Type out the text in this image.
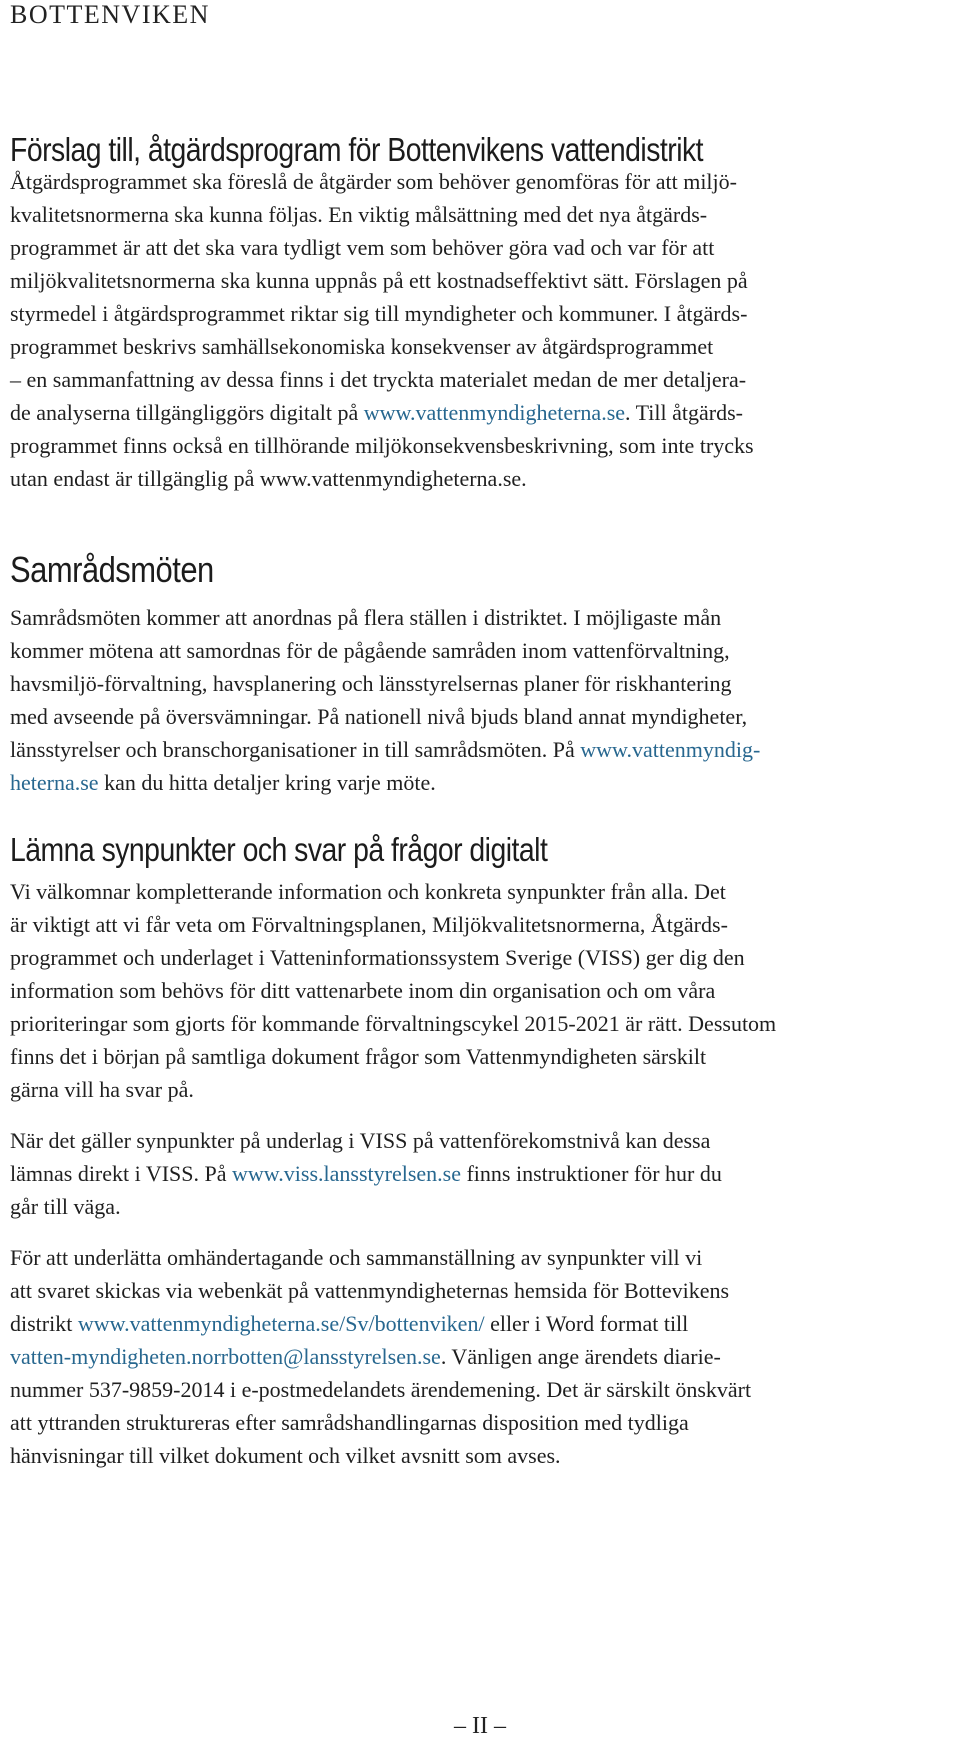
BOTTENVIKEN
Förslag till, åtgärdsprogram för Bottenvikens vattendistrikt
Åtgärdsprogrammet ska föreslå de åtgärder som behöver genomföras för att miljö-
kvalitetsnormerna ska kunna följas. En viktig målsättning med det nya åtgärds-
programmet är att det ska vara tydligt vem som behöver göra vad och var för att
miljökvalitetsnormerna ska kunna uppnås på ett kostnadseffektivt sätt. Förslagen på
styrmedel i åtgärdsprogrammet riktar sig till myndigheter och kommuner. I åtgärds-
programmet beskrivs samhällsekonomiska konsekvenser av åtgärdsprogrammet
– en sammanfattning av dessa finns i det tryckta materialet medan de mer detaljera-
de analyserna tillgängliggörs digitalt på www.vattenmyndigheterna.se. Till åtgärds-
programmet finns också en tillhörande miljökonsekvensbeskrivning, som inte trycks
utan endast är tillgänglig på www.vattenmyndigheterna.se.
Samrådsmöten
Samrådsmöten kommer att anordnas på flera ställen i distriktet. I möjligaste mån
kommer mötena att samordnas för de pågående samråden inom vattenförvaltning,
havsmiljö-förvaltning, havsplanering och länsstyrelsernas planer för riskhantering
med avseende på översvämningar. På nationell nivå bjuds bland annat myndigheter,
länsstyrelser och branschorganisationer in till samrådsmöten. På www.vattenmyndig-
heterna.se kan du hitta detaljer kring varje möte.
Lämna synpunkter och svar på frågor digitalt
Vi välkomnar kompletterande information och konkreta synpunkter från alla. Det
är viktigt att vi får veta om Förvaltningsplanen, Miljökvalitetsnormerna, Åtgärds-
programmet och underlaget i Vatteninformationssystem Sverige (VISS) ger dig den
information som behövs för ditt vattenarbete inom din organisation och om våra
prioriteringar som gjorts för kommande förvaltningscykel 2015-2021 är rätt. Dessutom
finns det i början på samtliga dokument frågor som Vattenmyndigheten särskilt
gärna vill ha svar på.
När det gäller synpunkter på underlag i VISS på vattenförekomstnivå kan dessa
lämnas direkt i VISS. På www.viss.lansstyrelsen.se finns instruktioner för hur du
går till väga.
För att underlätta omhändertagande och sammanställning av synpunkter vill vi
att svaret skickas via webenkät på vattenmyndigheternas hemsida för Bottevikens
distrikt www.vattenmyndigheterna.se/Sv/bottenviken/ eller i Word format till
vatten-myndigheten.norrbotten@lansstyrelsen.se. Vänligen ange ärendets diarie-
nummer 537-9859-2014 i e-postmedelandets ärendemening. Det är särskilt önskvärt
att yttranden struktureras efter samrådshandlingarnas disposition med tydliga
hänvisningar till vilket dokument och vilket avsnitt som avses.
– II –
